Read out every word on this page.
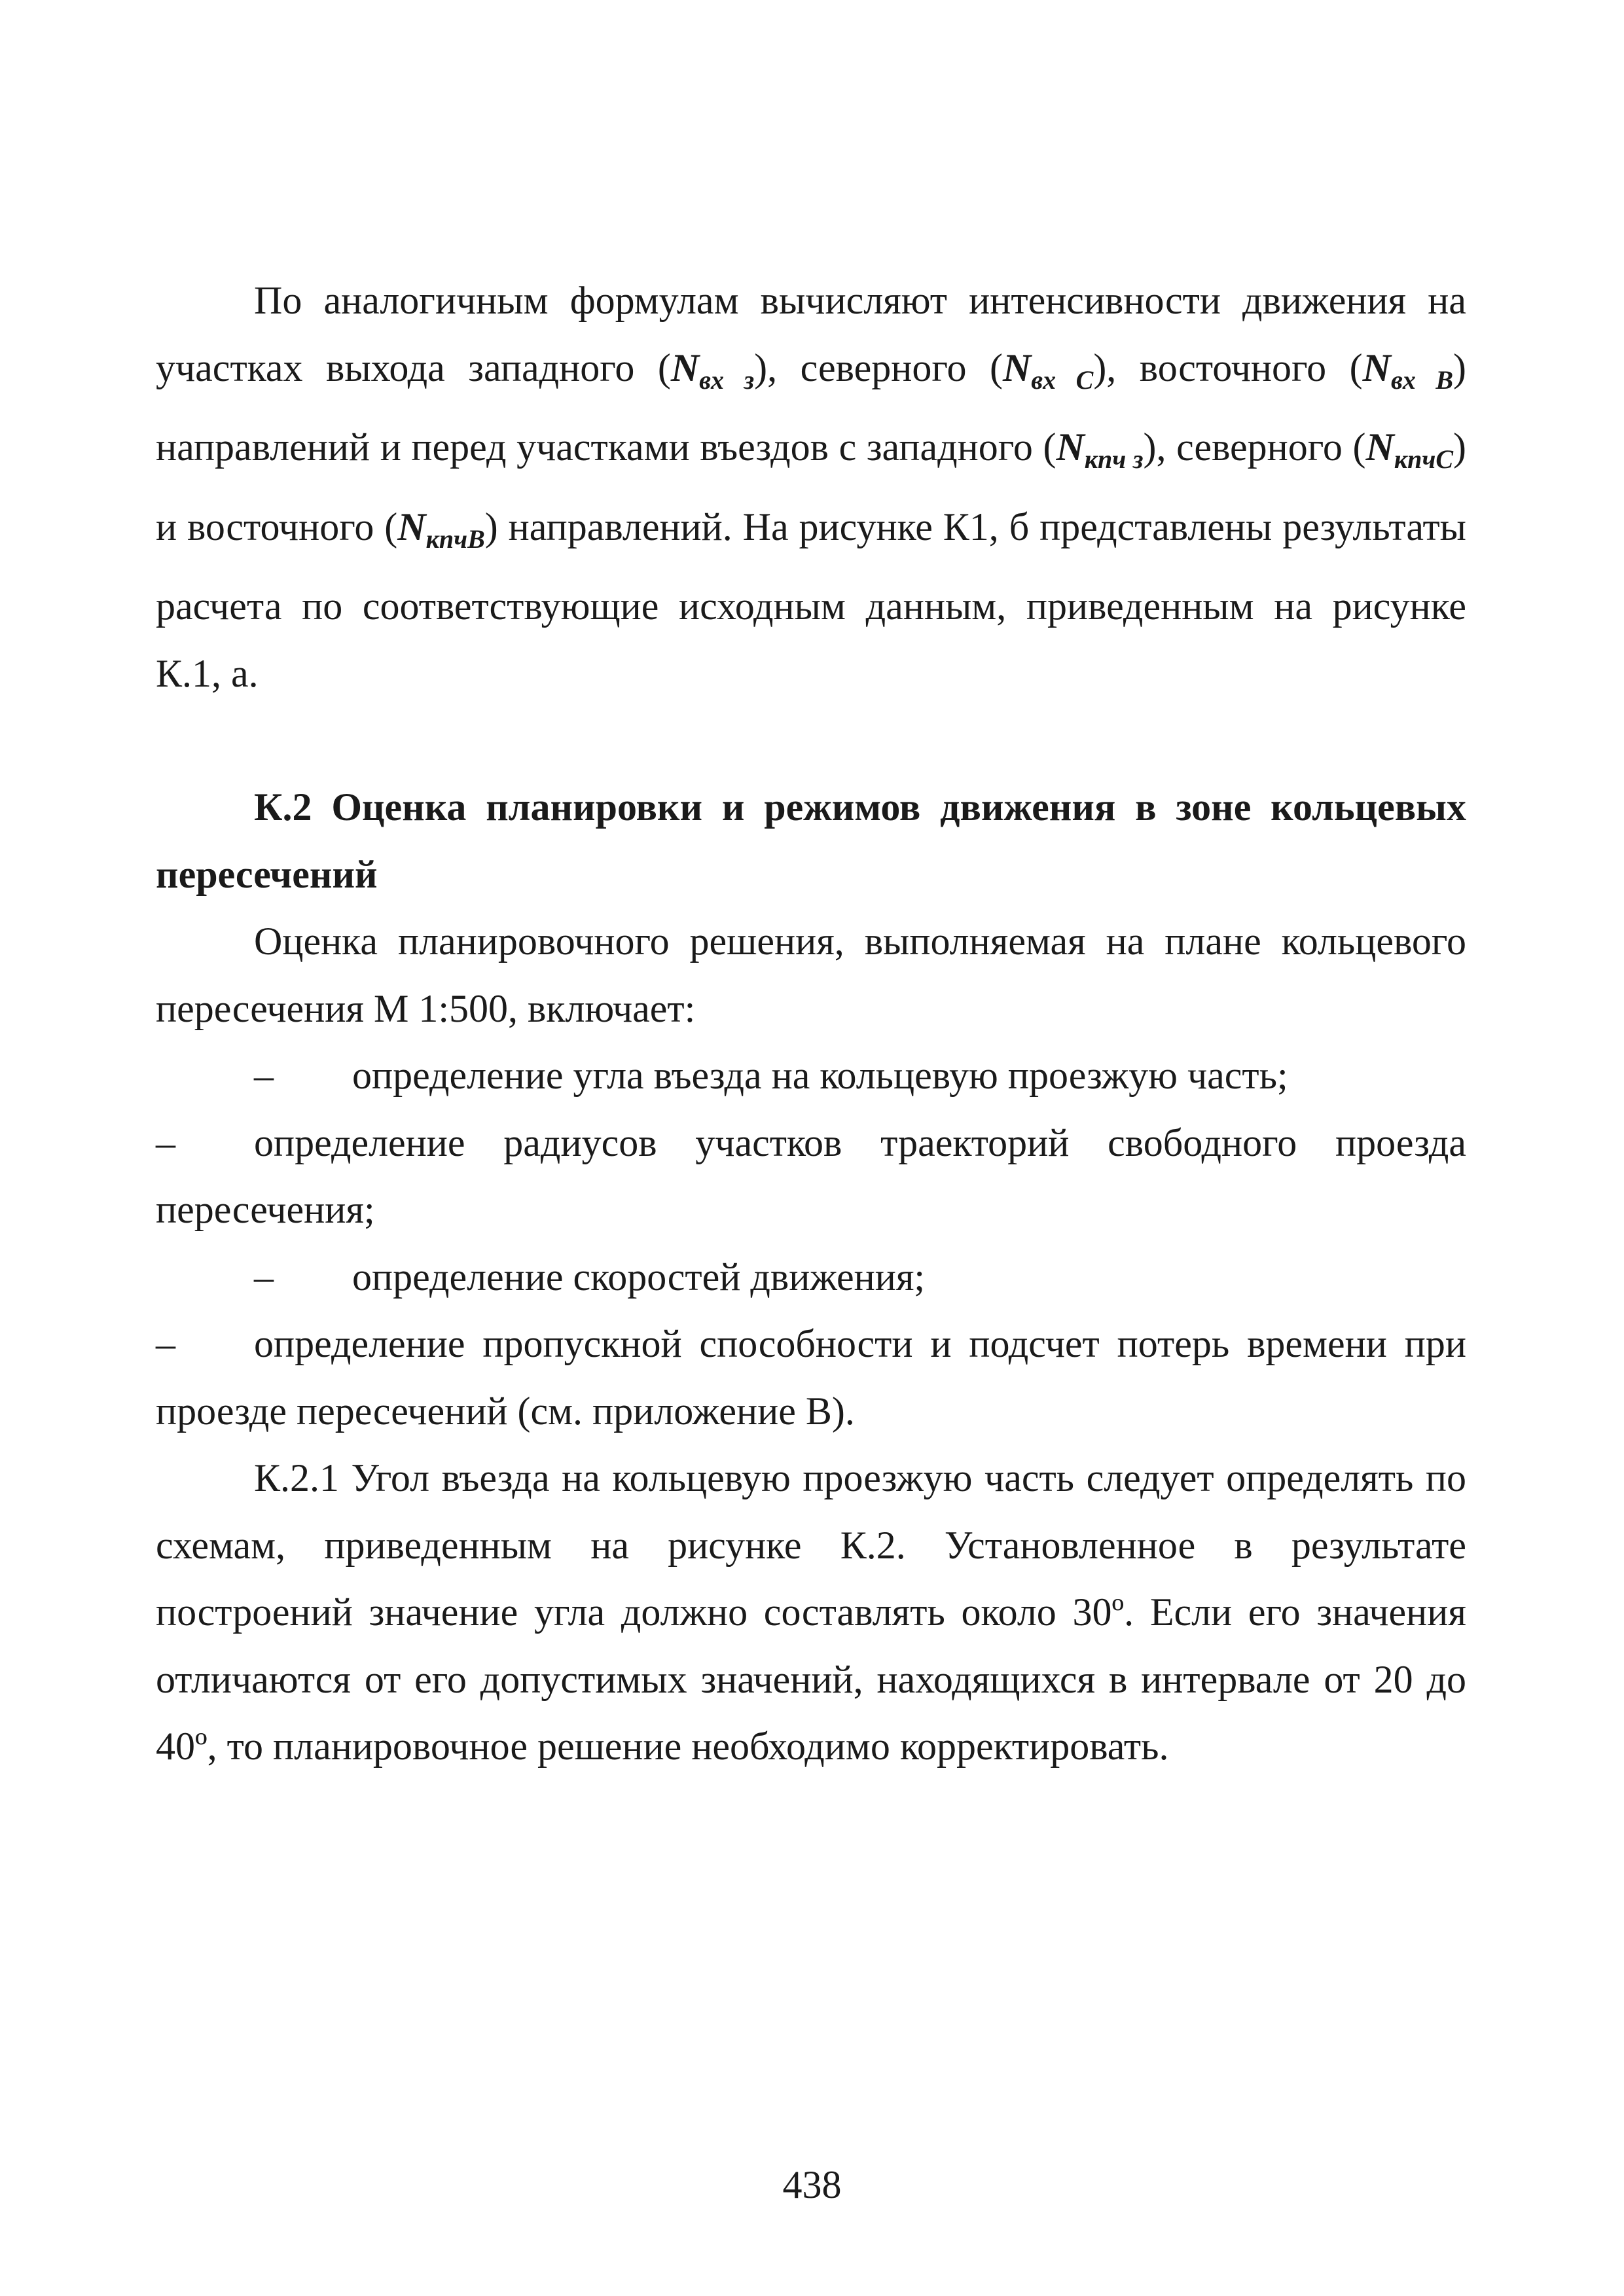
По аналогичным формулам вычисляют интенсивности движения на участках выхода западного $(N_{вх з})$, северного $(N_{вх С})$, восточного $(N_{вх В})$ направлений и перед участками въездов с западного $(N_{кпч з})$, северного $(N_{кпчС})$ и восточного $(N_{кпчВ})$ направлений. На рисунке К1, б представлены результаты расчета по соответствующие исходным данным, приведенным на рисунке К.1, а.

К.2 Оценка планировки и режимов движения в зоне кольцевых пересечений

Оценка планировочного решения, выполняемая на плане кольцевого пересечения М 1:500, включает:

–	определение угла въезда на кольцевую проезжую часть;

– определение радиусов участков траекторий свободного проезда пересечения;

–	определение скоростей движения;

– определение пропускной способности и подсчет потерь времени при проезде пересечений (см. приложение В).

К.2.1 Угол въезда на кольцевую проезжую часть следует определять по схемам, приведенным на рисунке К.2. Установленное в результате построений значение угла должно составлять около 30º. Если его значения отличаются от его допустимых значений, находящихся в интервале от 20 до 40º, то планировочное решение необходимо корректировать.

438
